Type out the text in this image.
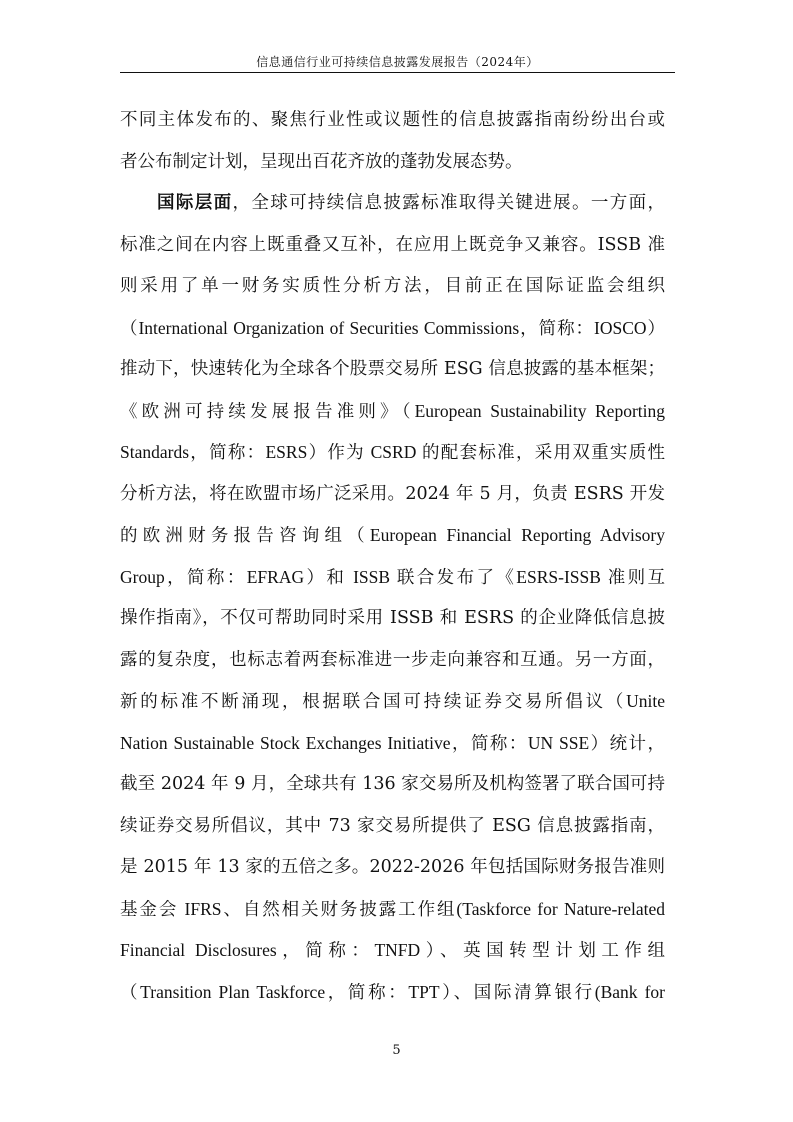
信息通信行业可持续信息披露发展报告（2024年）
不同主体发布的、聚焦行业性或议题性的信息披露指南纷纷出台或
者公布制定计划，呈现出百花齐放的蓬勃发展态势。
国际层面，全球可持续信息披露标准取得关键进展。一方面，
标准之间在内容上既重叠又互补，在应用上既竞争又兼容。ISSB 准
则采用了单一财务实质性分析方法，目前正在国际证监会组织
（International Organization of Securities Commissions，简称：IOSCO）
推动下，快速转化为全球各个股票交易所 ESG 信息披露的基本框架；
《欧洲可持续发展报告准则》（European Sustainability Reporting
Standards，简称：ESRS）作为 CSRD 的配套标准，采用双重实质性
分析方法，将在欧盟市场广泛采用。2024 年 5 月，负责 ESRS 开发
的欧洲财务报告咨询组（European Financial Reporting Advisory
Group，简称：EFRAG）和 ISSB 联合发布了《ESRS-ISSB 准则互
操作指南》，不仅可帮助同时采用 ISSB 和 ESRS 的企业降低信息披
露的复杂度，也标志着两套标准进一步走向兼容和互通。另一方面，
新的标准不断涌现，根据联合国可持续证券交易所倡议（Unite
Nation Sustainable Stock Exchanges Initiative，简称：UN SSE）统计，
截至 2024 年 9 月，全球共有 136 家交易所及机构签署了联合国可持
续证券交易所倡议，其中 73 家交易所提供了 ESG 信息披露指南，
是 2015 年 13 家的五倍之多。2022-2026 年包括国际财务报告准则
基金会 IFRS、自然相关财务披露工作组(Taskforce for Nature-related
Financial Disclosures，简称：TNFD）、英国转型计划工作组
（Transition Plan Taskforce，简称：TPT）、国际清算银行(Bank for
5
